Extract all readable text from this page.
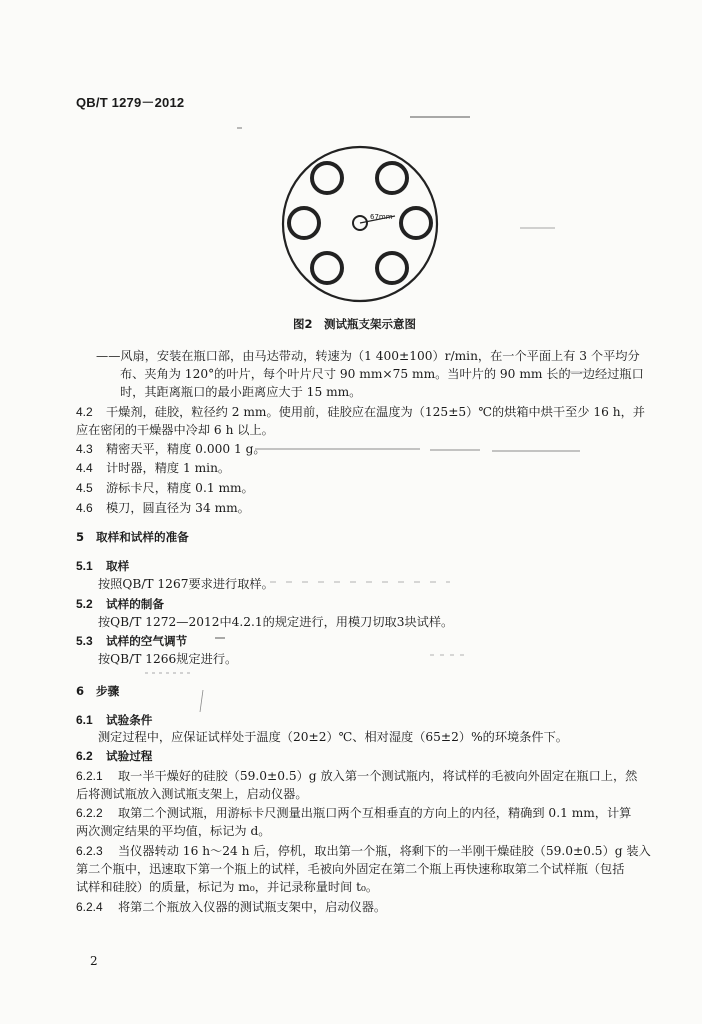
QB/T 1279－2012
67mm
图2　测试瓶支架示意图
——风扇，安装在瓶口部，由马达带动，转速为（1 400±100）r/min，在一个平面上有 3 个平均分
布、夹角为 120°的叶片，每个叶片尺寸 90 mm×75 mm。当叶片的 90 mm 长的一边经过瓶口
时，其距离瓶口的最小距离应大于 15 mm。
4.2 干燥剂，硅胶，粒径约 2 mm。使用前，硅胶应在温度为（125±5）℃的烘箱中烘干至少 16 h，并
应在密闭的干燥器中冷却 6 h 以上。
4.3 精密天平，精度 0.000 1 g。
4.4 计时器，精度 1 min。
4.5 游标卡尺，精度 0.1 mm。
4.6 模刀，圆直径为 34 mm。
5 取样和试样的准备
5.1 取样
按照QB/T 1267要求进行取样。
5.2 试样的制备
按QB/T 1272—2012中4.2.1的规定进行，用模刀切取3块试样。
5.3 试样的空气调节
按QB/T 1266规定进行。
6 步骤
6.1 试验条件
测定过程中，应保证试样处于温度（20±2）℃、相对湿度（65±2）%的环境条件下。
6.2 试验过程
6.2.1 取一半干燥好的硅胶（59.0±0.5）g 放入第一个测试瓶内，将试样的毛被向外固定在瓶口上，然
后将测试瓶放入测试瓶支架上，启动仪器。
6.2.2 取第二个测试瓶，用游标卡尺测量出瓶口两个互相垂直的方向上的内径，精确到 0.1 mm，计算
两次测定结果的平均值，标记为 d。
6.2.3 当仪器转动 16 h～24 h 后，停机，取出第一个瓶，将剩下的一半刚干燥硅胶（59.0±0.5）g 装入
第二个瓶中，迅速取下第一个瓶上的试样，毛被向外固定在第二个瓶上再快速称取第二个试样瓶（包括
试样和硅胶）的质量，标记为 m₀，并记录称量时间 t₀。
6.2.4 将第二个瓶放入仪器的测试瓶支架中，启动仪器。
2
